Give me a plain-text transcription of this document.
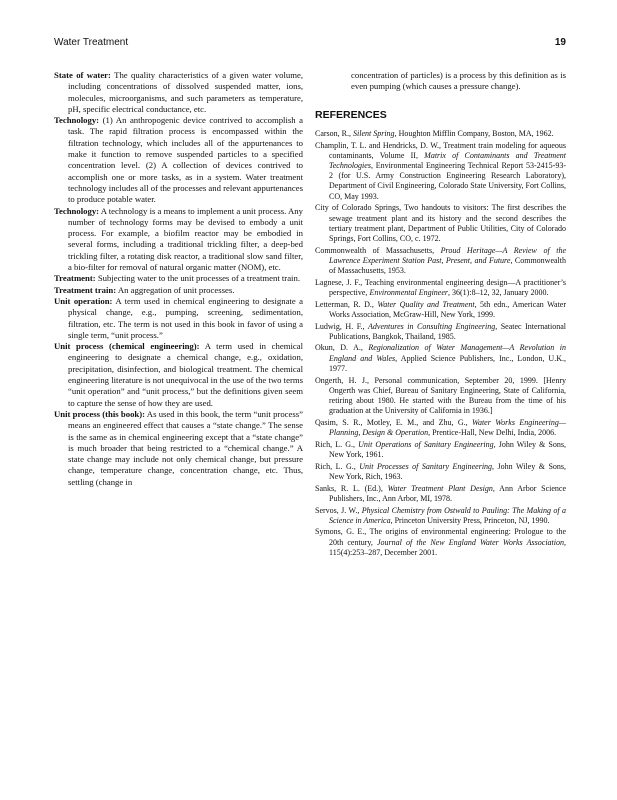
Water Treatment	19

State of water: The quality characteristics of a given water volume, including concentrations of dissolved suspended matter, ions, molecules, microorganisms, and such parameters as temperature, pH, specific electrical conductance, etc.

Technology: (1) An anthropogenic device contrived to accomplish a task. The rapid filtration process is encompassed within the filtration technology, which includes all of the appurtenances to make it function to remove suspended particles to a specified concentration level. (2) A collection of devices contrived to accomplish one or more tasks, as in a system. Water treatment technology includes all of the processes and relevant appurtenances to produce potable water.

Technology: A technology is a means to implement a unit process. Any number of technology forms may be devised to embody a unit process. For example, a biofilm reactor may be embodied in several forms, including a traditional trickling filter, a deep-bed trickling filter, a rotating disk reactor, a traditional slow sand filter, a bio-filter for removal of natural organic matter (NOM), etc.

Treatment: Subjecting water to the unit processes of a treatment train.

Treatment train: An aggregation of unit processes.

Unit operation: A term used in chemical engineering to designate a physical change, e.g., pumping, screening, sedimentation, filtration, etc. The term is not used in this book in favor of using a single term, “unit process.”

Unit process (chemical engineering): A term used in chemical engineering to designate a chemical change, e.g., oxidation, precipitation, disinfection, and biological treatment. The chemical engineering literature is not unequivocal in the use of the two terms “unit operation” and “unit process,” but the definitions given seem to capture the sense of how they are used.

Unit process (this book): As used in this book, the term “unit process” means an engineered effect that causes a “state change.” The sense is the same as in chemical engineering except that a “state change” is much broader that being restricted to a “chemical change.” A state change may include not only chemical change, but pressure change, temperature change, concentration change, etc. Thus, settling (change in

concentration of particles) is a process by this definition as is even pumping (which causes a pressure change).

REFERENCES

Carson, R., Silent Spring, Houghton Mifflin Company, Boston, MA, 1962.

Champlin, T. L. and Hendricks, D. W., Treatment train modeling for aqueous contaminants, Volume II, Matrix of Contaminants and Treatment Technologies, Environmental Engineering Technical Report 53-2415-93-2 (for U.S. Army Construction Engineering Research Laboratory), Department of Civil Engineering, Colorado State University, Fort Collins, CO, May 1993.

City of Colorado Springs, Two handouts to visitors: The first describes the sewage treatment plant and its history and the second describes the tertiary treatment plant, Department of Public Utilities, City of Colorado Springs, Fort Collins, CO, c. 1972.

Commonwealth of Massachusetts, Proud Heritage—A Review of the Lawrence Experiment Station Past, Present, and Future, Commonwealth of Massachusetts, 1953.

Lagnese, J. F., Teaching environmental engineering design—A practitioner’s perspective, Environmental Engineer, 36(1):8–12, 32, January 2000.

Letterman, R. D., Water Quality and Treatment, 5th edn., American Water Works Association, McGraw-Hill, New York, 1999.

Ludwig, H. F., Adventures in Consulting Engineering, Seatec International Publications, Bangkok, Thailand, 1985.

Okun, D. A., Regionalization of Water Management—A Revolution in England and Wales, Applied Science Publishers, Inc., London, U.K., 1977.

Ongerth, H. J., Personal communication, September 20, 1999. [Henry Ongerth was Chief, Bureau of Sanitary Engineering, State of California, retiring about 1980. He started with the Bureau from the time of his graduation at the University of California in 1936.]

Qasim, S. R., Motley, E. M., and Zhu, G., Water Works Engineering—Planning, Design & Operation, Prentice-Hall, New Delhi, India, 2006.

Rich, L. G., Unit Operations of Sanitary Engineering, John Wiley & Sons, New York, 1961.

Rich, L. G., Unit Processes of Sanitary Engineering, John Wiley & Sons, New York, Rich, 1963.

Sanks, R. L. (Ed.), Water Treatment Plant Design, Ann Arbor Science Publishers, Inc., Ann Arbor, MI, 1978.

Servos, J. W., Physical Chemistry from Ostwald to Pauling: The Making of a Science in America, Princeton University Press, Princeton, NJ, 1990.

Symons, G. E., The origins of environmental engineering: Prologue to the 20th century, Journal of the New England Water Works Association, 115(4):253–287, December 2001.
